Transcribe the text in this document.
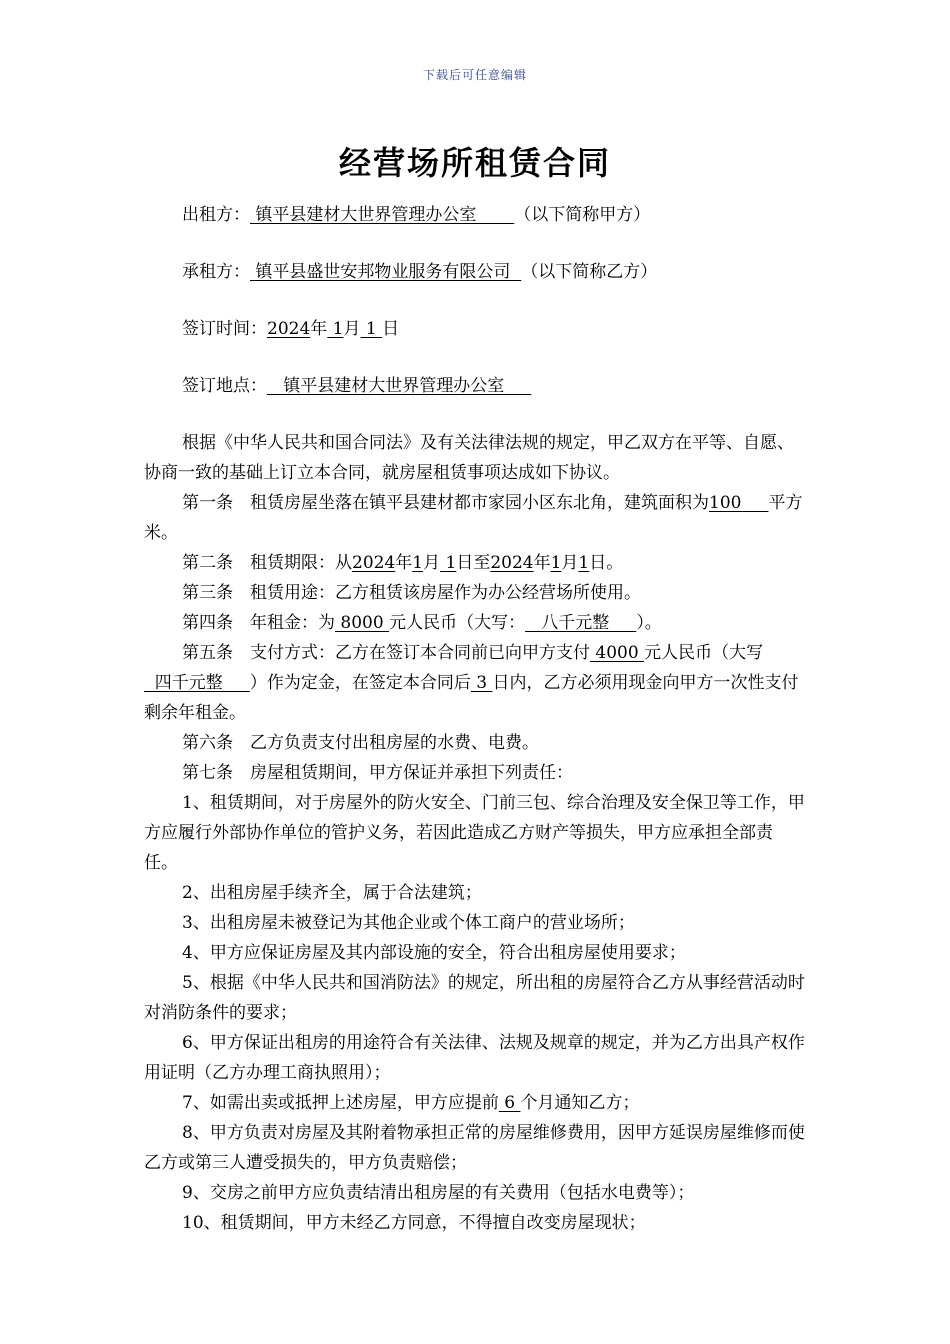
下载后可任意编辑
经营场所租赁合同
出租方： 镇平县建材大世界管理办公室       （以下简称甲方）
承租方： 镇平县盛世安邦物业服务有限公司  （以下简称乙方）
签订时间：2024年 1月 1 日
签订地点：   镇平县建材大世界管理办公室

根据《中华人民共和国合同法》及有关法律法规的规定，甲乙双方在平等、自愿、协商一致的基础上订立本合同，就房屋租赁事项达成如下协议。

第一条　租赁房屋坐落在镇平县建材都市家园小区东北角，建筑面积为100     平方米。

第二条　租赁期限：从2024年1月 1日至2024年1月1日。

第三条　租赁用途：乙方租赁该房屋作为办公经营场所使用。

第四条　年租金：为 8000 元人民币（大写：   八千元整     ）。

第五条　支付方式：乙方在签订本合同前已向甲方支付 4000 元人民币（大写  四千元整     ）作为定金，在签定本合同后 3 日内，乙方必须用现金向甲方一次性支付剩余年租金。

第六条　乙方负责支付出租房屋的水费、电费。

第七条　房屋租赁期间，甲方保证并承担下列责任：

1、租赁期间，对于房屋外的防火安全、门前三包、综合治理及安全保卫等工作，甲方应履行外部协作单位的管护义务，若因此造成乙方财产等损失，甲方应承担全部责任。

2、出租房屋手续齐全，属于合法建筑；

3、出租房屋未被登记为其他企业或个体工商户的营业场所；

4、甲方应保证房屋及其内部设施的安全，符合出租房屋使用要求；

5、根据《中华人民共和国消防法》的规定，所出租的房屋符合乙方从事经营活动时对消防条件的要求；

6、甲方保证出租房的用途符合有关法律、法规及规章的规定，并为乙方出具产权作用证明（乙方办理工商执照用）；

7、如需出卖或抵押上述房屋，甲方应提前 6 个月通知乙方；

8、甲方负责对房屋及其附着物承担正常的房屋维修费用，因甲方延误房屋维修而使乙方或第三人遭受损失的，甲方负责赔偿；

9、交房之前甲方应负责结清出租房屋的有关费用（包括水电费等）；

10、租赁期间，甲方未经乙方同意，不得擅自改变房屋现状；
